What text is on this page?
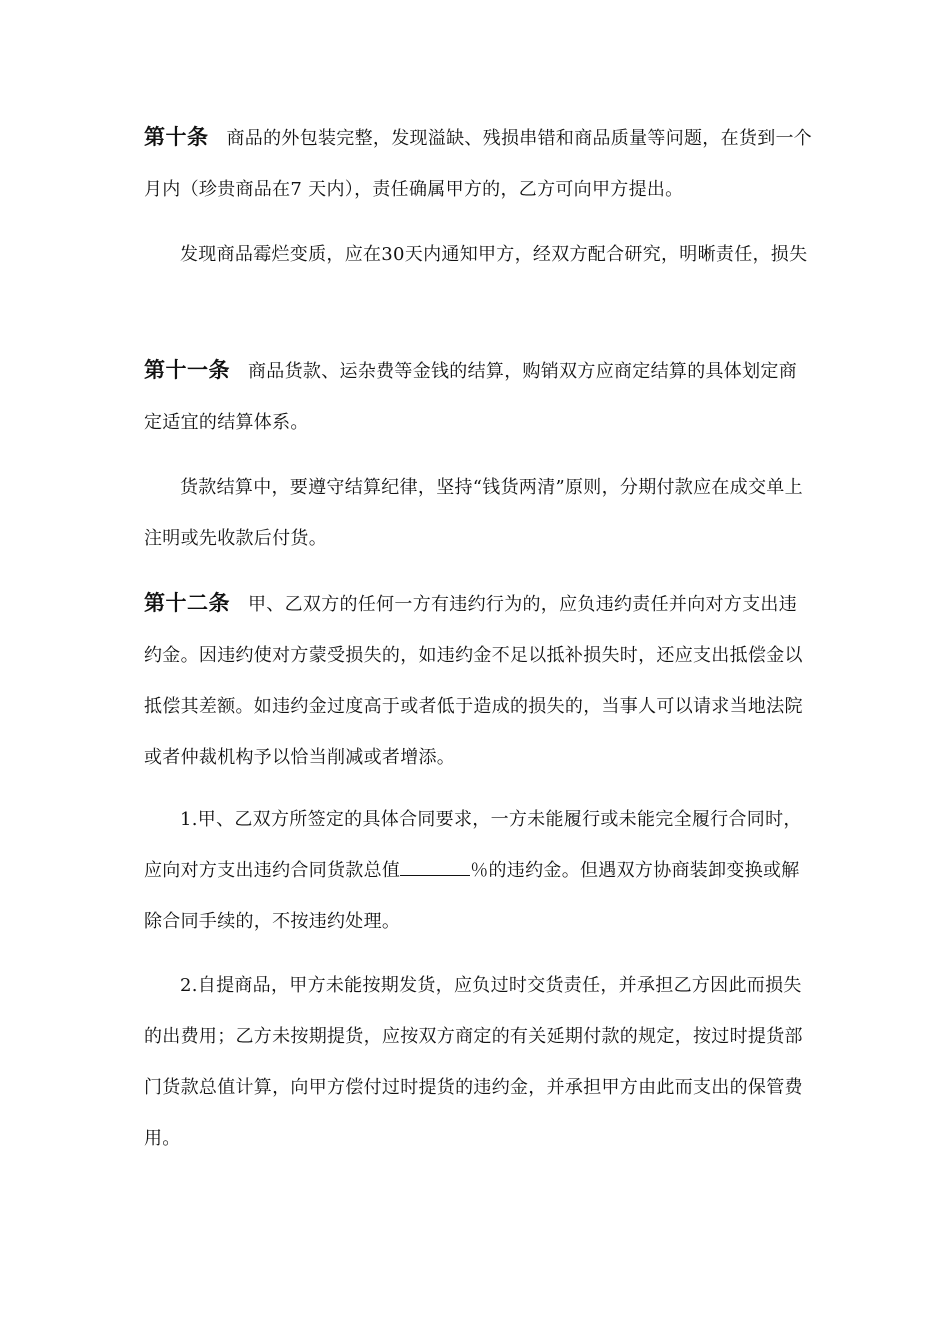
第十条 商品的外包装完整，发现溢缺、残损串错和商品质量等问题，在货到一个月内（珍贵商品在7 天内），责任确属甲方的，乙方可向甲方提出。

发现商品霉烂变质，应在30天内通知甲方，经双方配合研究，明晰责任，损失

第十一条 商品货款、运杂费等金钱的结算，购销双方应商定结算的具体划定商定适宜的结算体系。

货款结算中，要遵守结算纪律，坚持“钱货两清”原则，分期付款应在成交单上注明或先收款后付货。

第十二条 甲、乙双方的任何一方有违约行为的，应负违约责任并向对方支出违约金。因违约使对方蒙受损失的，如违约金不足以抵补损失时，还应支出抵偿金以抵偿其差额。如违约金过度高于或者低于造成的损失的，当事人可以请求当地法院或者仲裁机构予以恰当削减或者增添。

1.甲、乙双方所签定的具体合同要求，一方未能履行或未能完全履行合同时，应向对方支出违约合同货款总值	％的违约金。但遇双方协商装卸变换或解除合同手续的，不按违约处理。

2.自提商品，甲方未能按期发货，应负过时交货责任，并承担乙方因此而损失的出费用；乙方未按期提货，应按双方商定的有关延期付款的规定，按过时提货部门货款总值计算，向甲方偿付过时提货的违约金，并承担甲方由此而支出的保管费用。
